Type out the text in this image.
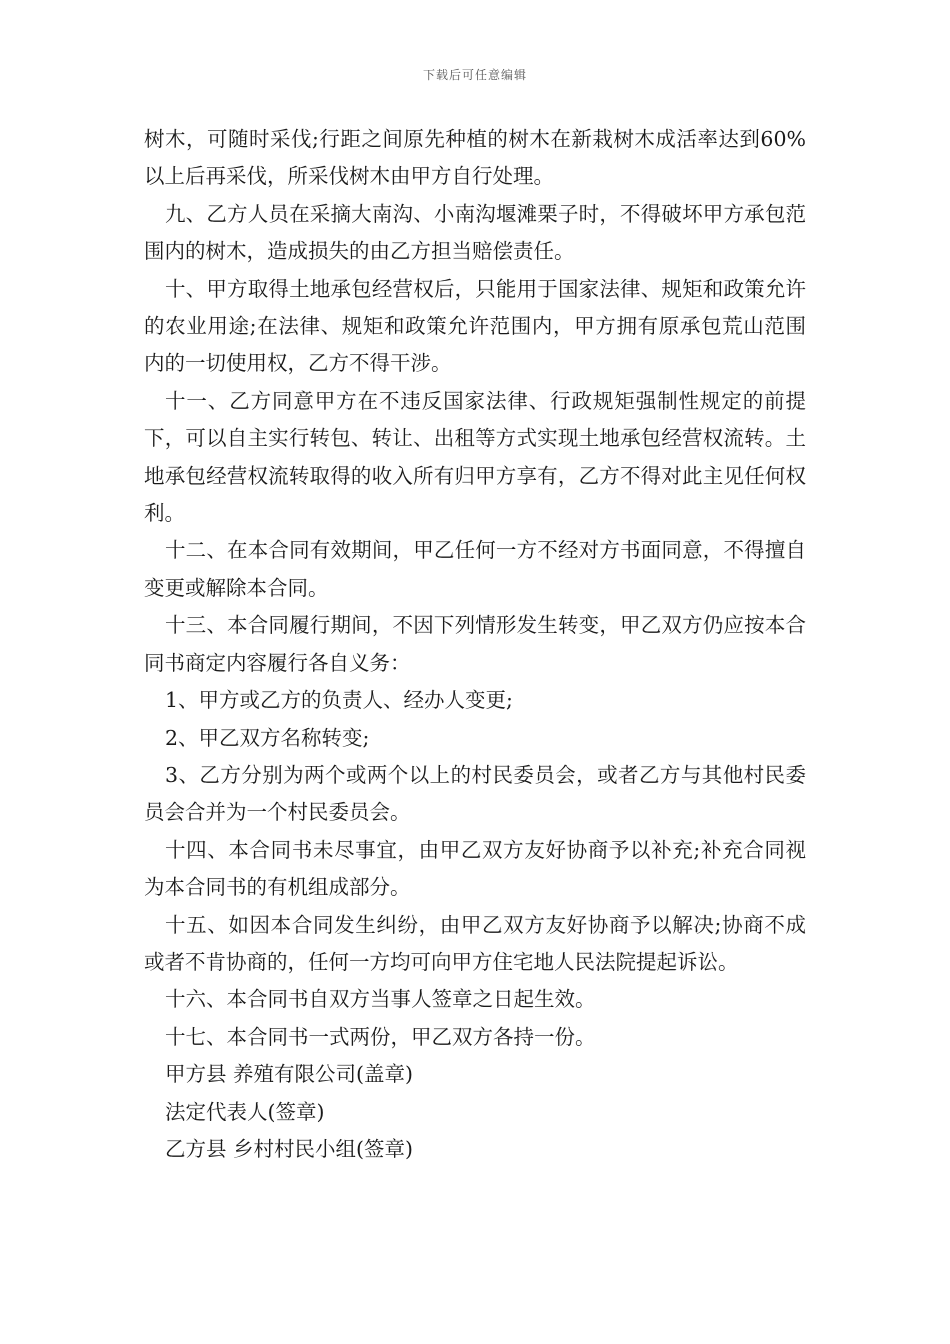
下载后可任意编辑

树木，可随时采伐;行距之间原先种植的树木在新栽树木成活率达到60%以上后再采伐，所采伐树木由甲方自行处理。

九、乙方人员在采摘大南沟、小南沟堰滩栗子时，不得破坏甲方承包范围内的树木，造成损失的由乙方担当赔偿责任。

十、甲方取得土地承包经营权后，只能用于国家法律、规矩和政策允许的农业用途;在法律、规矩和政策允许范围内，甲方拥有原承包荒山范围内的一切使用权，乙方不得干涉。

十一、乙方同意甲方在不违反国家法律、行政规矩强制性规定的前提下，可以自主实行转包、转让、出租等方式实现土地承包经营权流转。土地承包经营权流转取得的收入所有归甲方享有，乙方不得对此主见任何权利。

十二、在本合同有效期间，甲乙任何一方不经对方书面同意，不得擅自变更或解除本合同。

十三、本合同履行期间，不因下列情形发生转变，甲乙双方仍应按本合同书商定内容履行各自义务：

1、甲方或乙方的负责人、经办人变更;

2、甲乙双方名称转变;

3、乙方分别为两个或两个以上的村民委员会，或者乙方与其他村民委员会合并为一个村民委员会。

十四、本合同书未尽事宜，由甲乙双方友好协商予以补充;补充合同视为本合同书的有机组成部分。

十五、如因本合同发生纠纷，由甲乙双方友好协商予以解决;协商不成或者不肯协商的，任何一方均可向甲方住宅地人民法院提起诉讼。

十六、本合同书自双方当事人签章之日起生效。

十七、本合同书一式两份，甲乙双方各持一份。

甲方县 养殖有限公司(盖章)

法定代表人(签章)

乙方县 乡村村民小组(签章)
